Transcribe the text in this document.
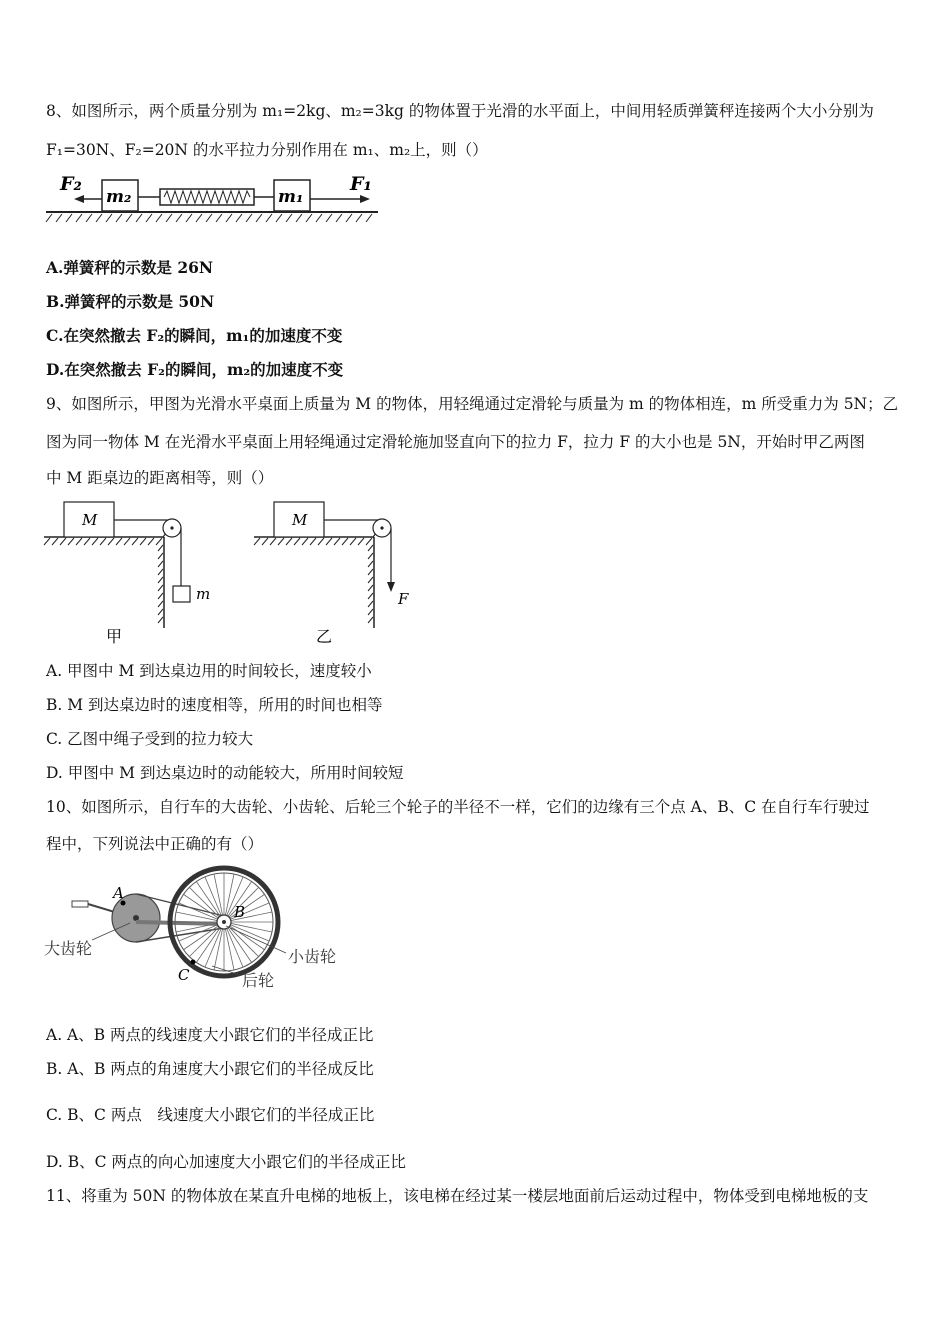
8、如图所示，两个质量分别为 m₁=2kg、m₂=3kg 的物体置于光滑的水平面上，中间用轻质弹簧秤连接两个大小分别为
F₁=30N、F₂=20N 的水平拉力分别作用在 m₁、m₂上，则（）
F₂
m₂	m₁
F₁
A.弹簧秤的示数是 26N
B.弹簧秤的示数是 50N
C.在突然撤去 F₂的瞬间，m₁的加速度不变
D.在突然撤去 F₂的瞬间，m₂的加速度不变
9、如图所示，甲图为光滑水平桌面上质量为 M 的物体，用轻绳通过定滑轮与质量为 m 的物体相连，m 所受重力为 5N；乙
图为同一物体 M 在光滑水平桌面上用轻绳通过定滑轮施加竖直向下的拉力 F，拉力 F 的大小也是 5N，开始时甲乙两图
中 M 距桌边的距离相等，则（）
M
m
甲
M
F
乙
A. 甲图中 M 到达桌边用的时间较长，速度较小
B. M 到达桌边时的速度相等，所用的时间也相等
C. 乙图中绳子受到的拉力较大
D. 甲图中 M 到达桌边时的动能较大，所用时间较短
10、如图所示，自行车的大齿轮、小齿轮、后轮三个轮子的半径不一样，它们的边缘有三个点 A、B、C 在自行车行驶过
程中，下列说法中正确的有（）
A
B
C
大齿轮	小齿轮
后轮
A. A、B 两点的线速度大小跟它们的半径成正比
B. A、B 两点的角速度大小跟它们的半径成反比
C. B、C 两点　线速度大小跟它们的半径成正比
D. B、C 两点的向心加速度大小跟它们的半径成正比
11、将重为 50N 的物体放在某直升电梯的地板上，该电梯在经过某一楼层地面前后运动过程中，物体受到电梯地板的支
